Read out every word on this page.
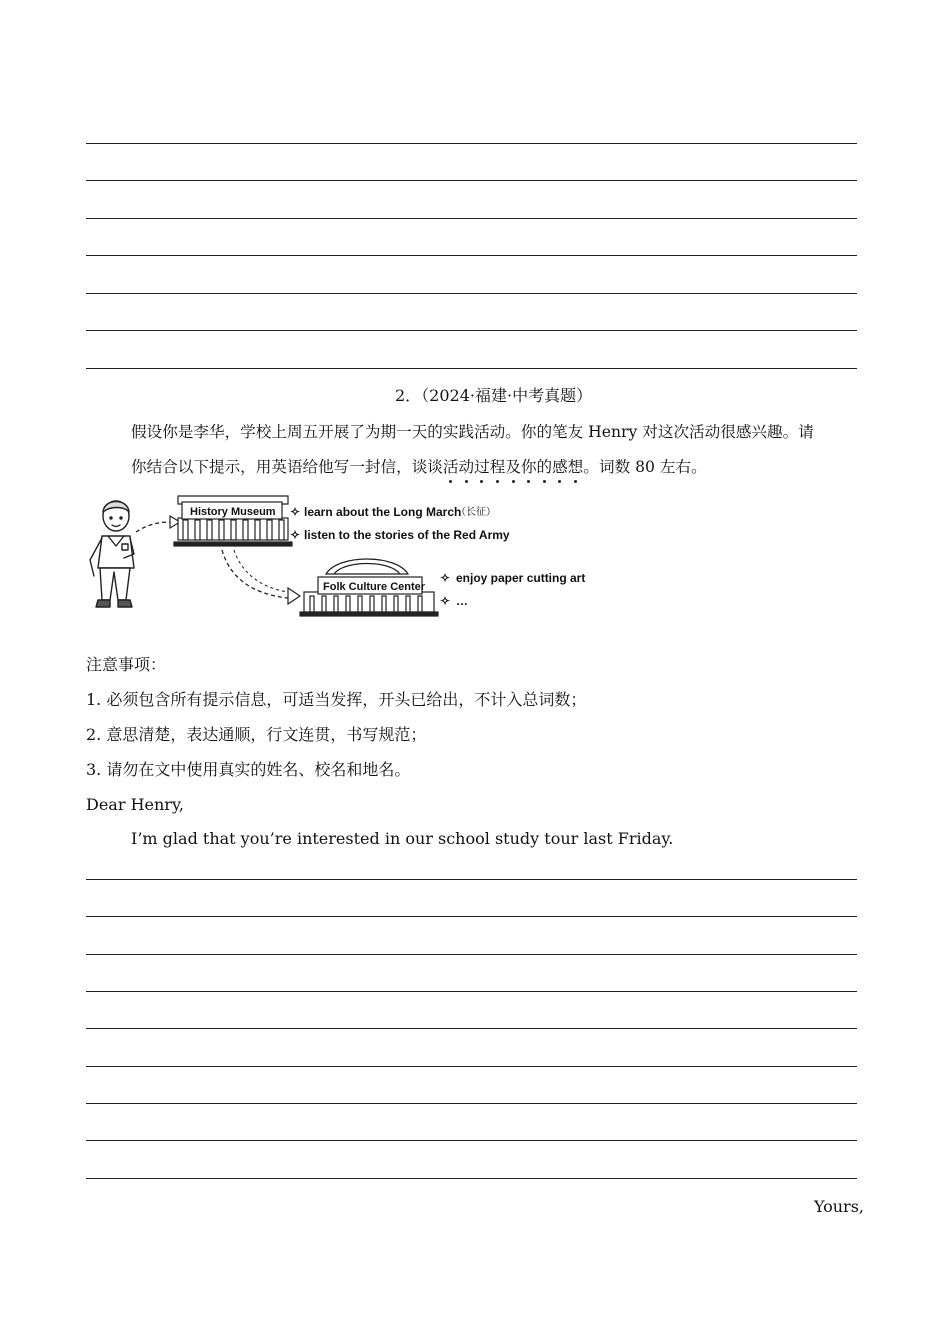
2．（2024·福建·中考真题）
假设你是李华，学校上周五开展了为期一天的实践活动。你的笔友 Henry 对这次活动很感兴趣。请
你结合以下提示，用英语给他写一封信，谈谈活动过程及你的感想。词数 80 左右。
History Museum ✧ learn about the Long March
（长征）
✧ listen to the stories of the Red Army
Folk Culture Center
✧ enjoy paper cutting art
✧ …
注意事项：
1. 必须包含所有提示信息，可适当发挥，开头已给出，不计入总词数；
2. 意思清楚，表达通顺，行文连贯，书写规范；
3. 请勿在文中使用真实的姓名、校名和地名。
Dear Henry,
I’m glad that you’re interested in our school study tour last Friday.
Yours,
